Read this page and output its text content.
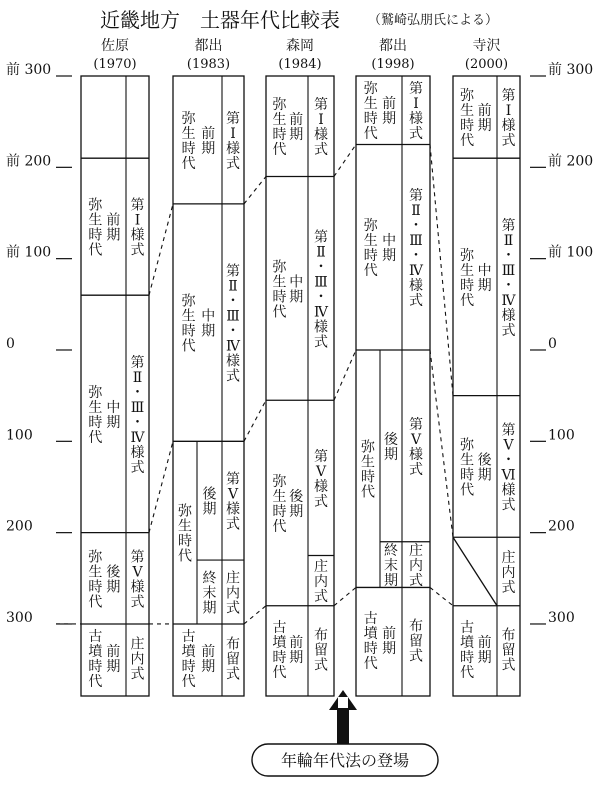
近畿地方　土器年代比較表 （鷲崎弘朋氏による）
前 300
前 200
前 100
0
100
200
300
前 300
前 200
前 100
0
100
200
300
佐原
(1970)
弥
生
時
代
前
期
第
Ⅰ
様
式
弥
生
時
代
中
期
第
Ⅱ
・
Ⅲ
・
Ⅳ
様
式
弥
生
時
代
後
期
第
Ⅴ
様
式
古
墳
時
代
前
期
庄
内
式
都出
(1983)
弥
生
時
代
前
期
第
Ⅰ
様
式
弥
生
時
代
中
期
第
Ⅱ
・
Ⅲ
・
Ⅳ
様
式
弥
生
時
代
後
期
第
Ⅴ
様
式
終
末
期
庄
内
式
古
墳
時
代
前
期
布
留
式
森岡
(1984)
弥
生
時
代
前
期
第
Ⅰ
様
式
弥
生
時
代
中
期
第
Ⅱ
・
Ⅲ
・
Ⅳ
様
式
弥
生
時
代
後
期
第
Ⅴ
様
式
庄
内
式
古
墳
時
代
前
期
布
留
式
都出
(1998)
弥
生
時
代
前
期
第
Ⅰ
様
式
弥
生
時
代
中
期
第
Ⅱ
・
Ⅲ
・
Ⅳ
様
式
弥
生
時
代
後
期
第
Ⅴ
様
式
終
末
期
庄
内
式
古
墳
時
代
前
期
布
留
式
寺沢
(2000)
弥
生
時
代
前
期
第
Ⅰ
様
式
弥
生
時
代
中
期
第
Ⅱ
・
Ⅲ
・
Ⅳ
様
式
弥
生
時
代
後
期
第
Ⅴ
・
Ⅵ
様
式
庄
内
式
古
墳
時
代
前
期
布
留
式
年輪年代法の登場
